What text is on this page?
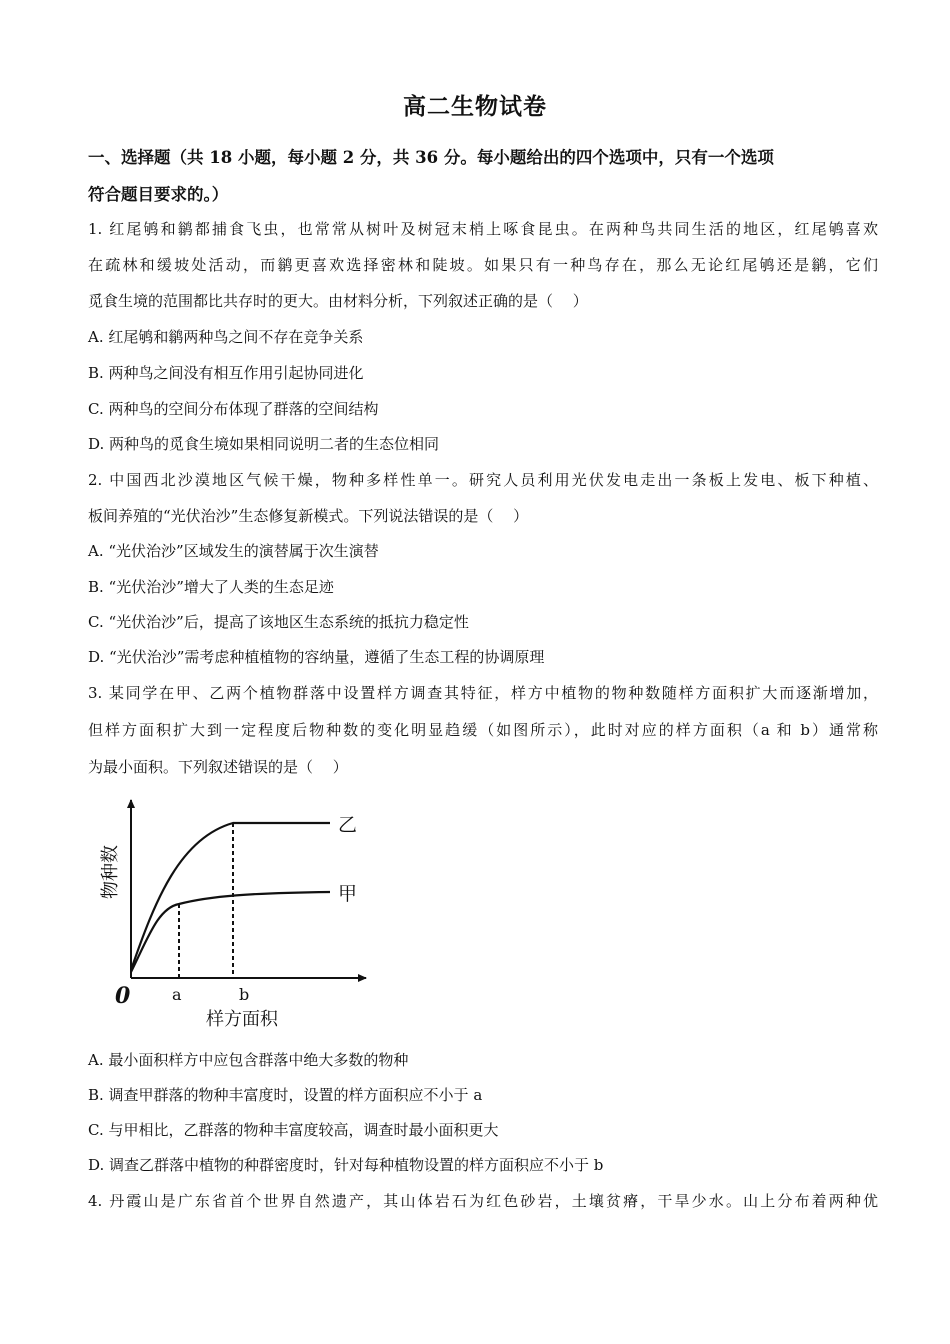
高二生物试卷
一、选择题（共 18 小题，每小题 2 分，共 36 分。每小题给出的四个选项中，只有一个选项
符合题目要求的。）
1. 红尾鸲和鹟都捕食飞虫，也常常从树叶及树冠末梢上啄食昆虫。在两种鸟共同生活的地区，红尾鸲喜欢
在疏林和缓坡处活动，而鹟更喜欢选择密林和陡坡。如果只有一种鸟存在，那么无论红尾鸲还是鹟，它们
觅食生境的范围都比共存时的更大。由材料分析，下列叙述正确的是（　 ）
A. 红尾鸲和鹟两种鸟之间不存在竞争关系
B. 两种鸟之间没有相互作用引起协同进化
C. 两种鸟的空间分布体现了群落的空间结构
D. 两种鸟的觅食生境如果相同说明二者的生态位相同
2. 中国西北沙漠地区气候干燥，物种多样性单一。研究人员利用光伏发电走出一条板上发电、板下种植、
板间养殖的“光伏治沙”生态修复新模式。下列说法错误的是（　 ）
A. “光伏治沙”区域发生的演替属于次生演替
B. “光伏治沙”增大了人类的生态足迹
C. “光伏治沙”后，提高了该地区生态系统的抵抗力稳定性
D. “光伏治沙”需考虑种植植物的容纳量，遵循了生态工程的协调原理
3. 某同学在甲、乙两个植物群落中设置样方调查其特征，样方中植物的物种数随样方面积扩大而逐渐增加，
但样方面积扩大到一定程度后物种数的变化明显趋缓（如图所示），此时对应的样方面积（a 和 b）通常称
为最小面积。下列叙述错误的是（　 ）
乙
甲
物种数
0	a	b
样方面积
A. 最小面积样方中应包含群落中绝大多数的物种
B. 调查甲群落的物种丰富度时，设置的样方面积应不小于 a
C. 与甲相比，乙群落的物种丰富度较高，调查时最小面积更大
D. 调查乙群落中植物的种群密度时，针对每种植物设置的样方面积应不小于 b
4. 丹霞山是广东省首个世界自然遗产，其山体岩石为红色砂岩，土壤贫瘠，干旱少水。山上分布着两种优
